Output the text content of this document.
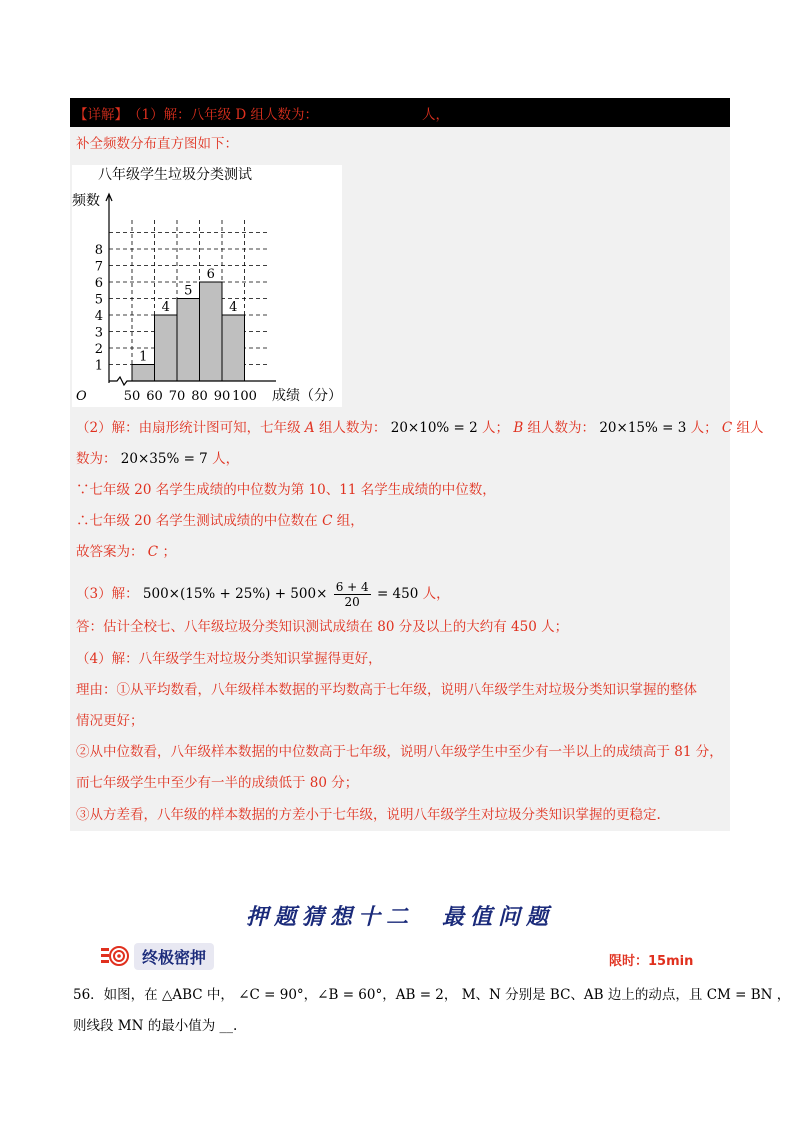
【详解】 （1）解：八年级 D 组人数为：	人，
补全频数分布直方图如下：
八年级学生垃圾分类测试
频数
成绩（分）
O
1
2
3
4
5
6
7
8
50 60 70 80 90 100
1
4
5
6
4
（2）解：由扇形统计图可知，七年级 A 组人数为： 20×10% = 2 人； B 组人数为： 20×15% = 3 人； C 组人
数为： 20×35% = 7 人，
∵七年级 20 名学生成绩的中位数为第 10、11 名学生成绩的中位数，
∴七年级 20 名学生测试成绩的中位数在 C 组，
故答案为： C ；
（3）解： $500\times(15\% + 25\%) + 500\times \frac{6 + 4}{20} = 450$ 人，
答：估计全校七、八年级垃圾分类知识测试成绩在 80 分及以上的大约有 450 人；
（4）解：八年级学生对垃圾分类知识掌握得更好，
理由：①从平均数看，八年级样本数据的平均数高于七年级，说明八年级学生对垃圾分类知识掌握的整体
情况更好；
②从中位数看，八年级样本数据的中位数高于七年级，说明八年级学生中至少有一半以上的成绩高于 81 分，
而七年级学生中至少有一半的成绩低于 80 分；
③从方差看，八年级的样本数据的方差小于七年级，说明八年级学生对垃圾分类知识掌握的更稳定.
押题猜想十二　最值问题
终极密押	限时：15min
56．如图，在 △ABC 中， ∠C = 90°，∠B = 60°，AB = 2， M、N 分别是 BC、AB 边上的动点，且 CM = BN ，
则线段 MN 的最小值为 __.
